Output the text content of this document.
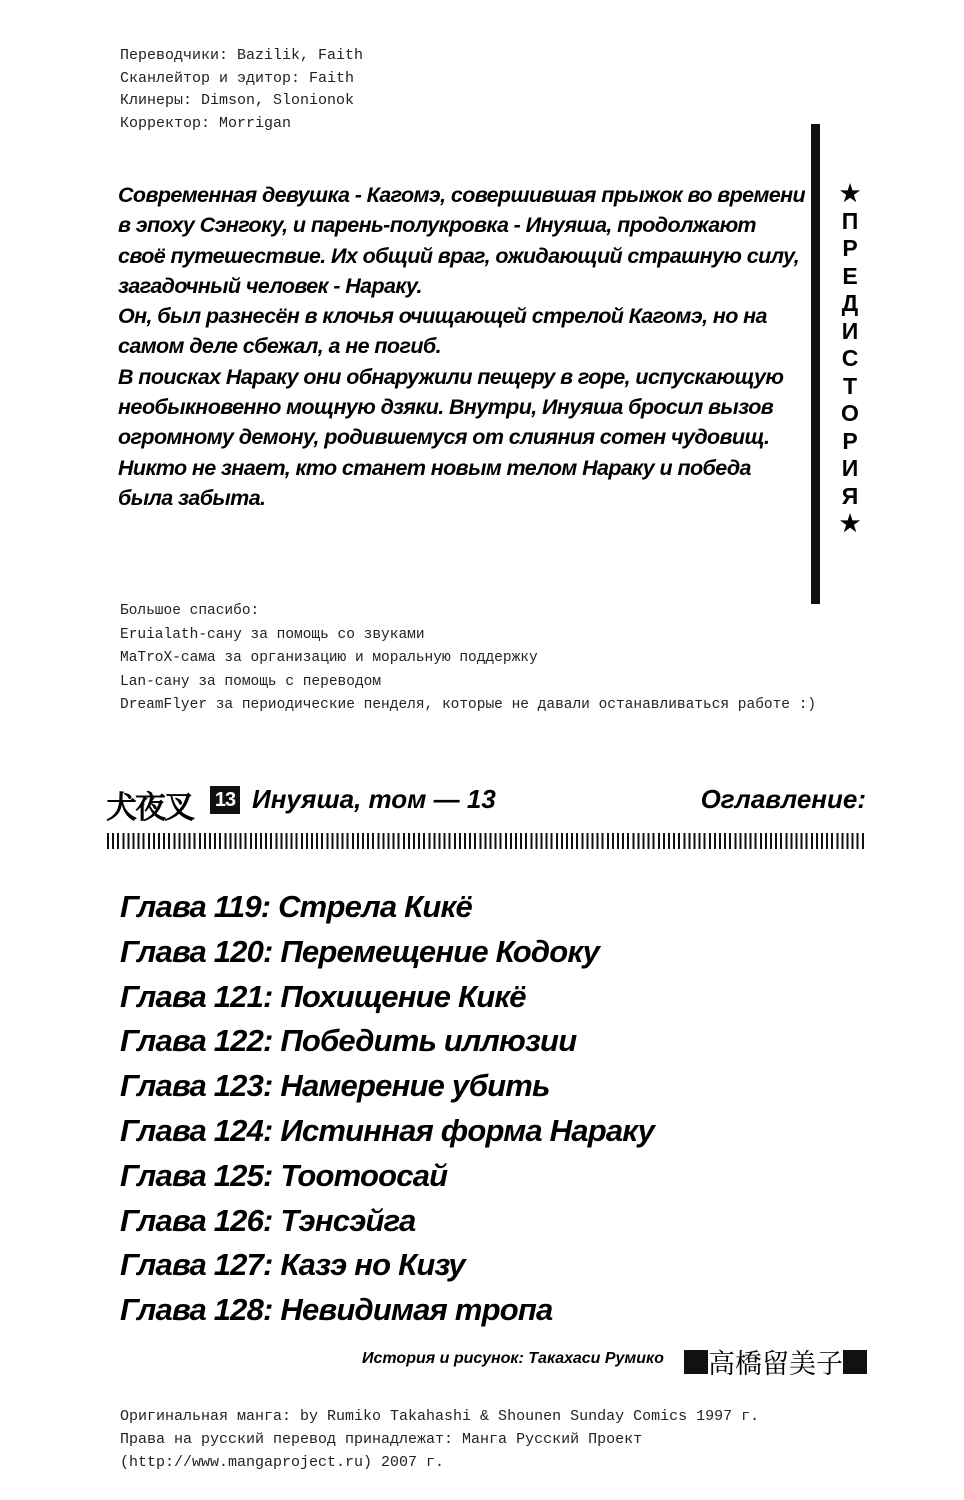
Переводчики: Bazilik, Faith
Сканлейтор и эдитор: Faith
Клинеры: Dimson, Slonionok
Корректор: Morrigan

Современная девушка - Кагомэ, совершившая прыжок во времени в эпоху Сэнгоку, и парень-полукровка - Инуяша, продолжают своё путешествие. Их общий враг, ожидающий страшную силу, загадочный человек - Нараку.

Он, был разнесён в клочья очищающей стрелой Кагомэ, но на самом деле сбежал, а не погиб.

В поисках Нараку они обнаружили пещеру в горе, испускающую необыкновенно мощную дзяки. Внутри, Инуяша бросил вызов огромному демону, родившемуся от слияния сотен чудовищ. Никто не знает, кто станет новым телом Нараку и победа была забыта.

★
П
Р
Е
Д
И
С
Т
О
Р
И
Я
★
Большое спасибо:
Eruialath-сану за помощь со звуками
MaTroX-сама за организацию и моральную поддержку
Lan-сану за помощь с переводом
DreamFlyer за периодические пенделя, которые не давали останавливаться работе :)
犬夜叉 13 Инуяша, том — 13	Оглавление:
Глава 119: Стрела Кикё
Глава 120: Перемещение Кодоку
Глава 121: Похищение Кикё
Глава 122: Победить иллюзии
Глава 123: Намерение убить
Глава 124: Истинная форма Нараку
Глава 125: Тоотоосай
Глава 126: Тэнсэйга
Глава 127: Казэ но Кизу
Глава 128: Невидимая тропа
История и рисунок: Такахаси Румико 高橋留美子
Оригинальная манга: by Rumiko Takahashi & Shounen Sunday Comics 1997 г.
Права на русский перевод принадлежат: Манга Русский Проект
(http://www.mangaproject.ru) 2007 г.
